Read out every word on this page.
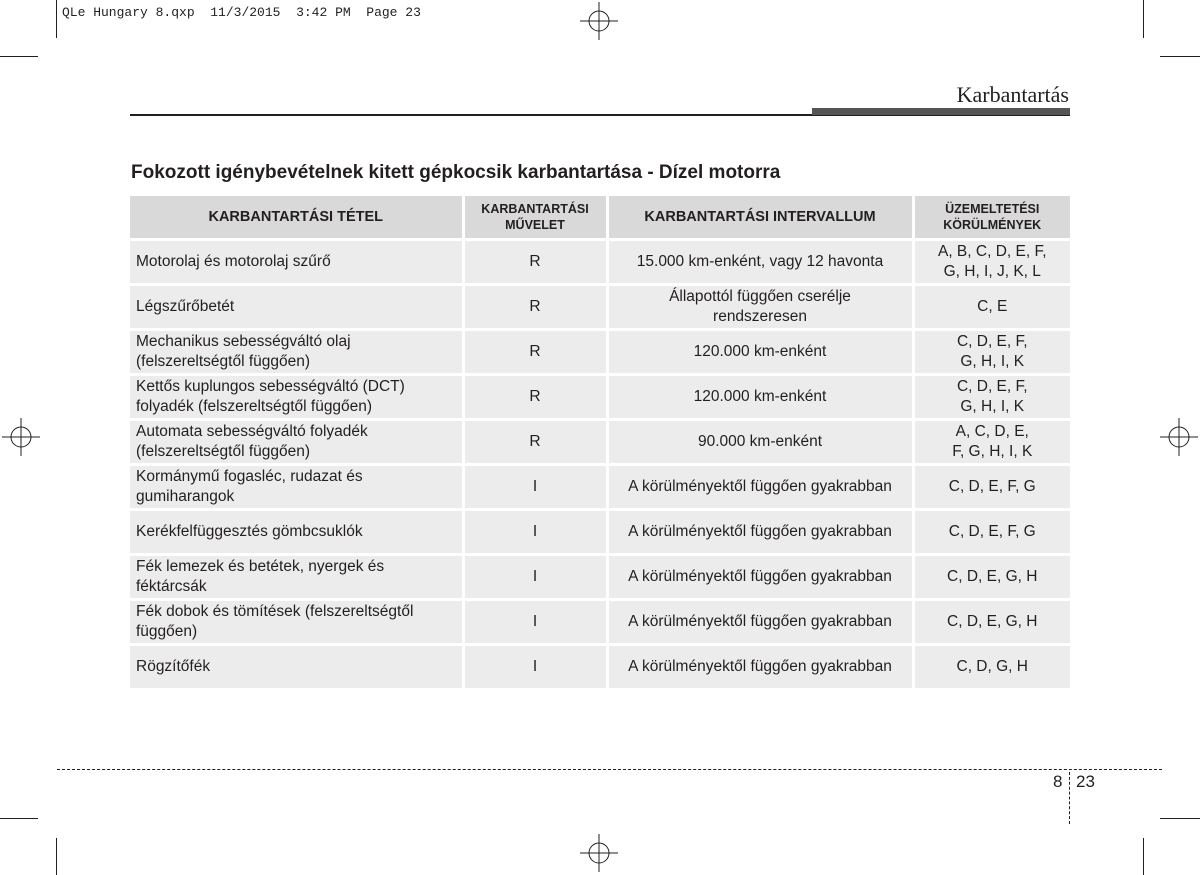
QLe Hungary 8.qxp 11/3/2015 3:42 PM Page 23
Karbantartás
Fokozott igénybevételnek kitett gépkocsik karbantartása - Dízel motorra
KARBANTARTÁSI TÉTEL	KARBANTARTÁSI
MŰVELET	KARBANTARTÁSI INTERVALLUM	ÜZEMELTETÉSI
KÖRÜLMÉNYEK

Motorolaj és motorolaj szűrő	R	15.000 km-enként, vagy 12 havonta	A, B, C, D, E, F,
G, H, I, J, K, L

Légszűrőbetét	R	Állapottól függően cserélje
rendszeresen	C, E

Mechanikus sebességváltó olaj
(felszereltségtől függően)	R	120.000 km-enként	C, D, E, F,
G, H, I, K

Kettős kuplungos sebességváltó (DCT)
folyadék (felszereltségtől függően)	R	120.000 km-enként	C, D, E, F,
G, H, I, K

Automata sebességváltó folyadék
(felszereltségtől függően)	R	90.000 km-enként	A, C, D, E,
F, G, H, I, K

Kormánymű fogasléc, rudazat és
gumiharangok	I	A körülményektől függően gyakrabban	C, D, E, F, G

Kerékfelfüggesztés gömbcsuklók	I	A körülményektől függően gyakrabban	C, D, E, F, G

Fék lemezek és betétek, nyergek és
féktárcsák	I	A körülményektől függően gyakrabban	C, D, E, G, H

Fék dobok és tömítések (felszereltségtől
függően)	I	A körülményektől függően gyakrabban	C, D, E, G, H

Rögzítőfék	I	A körülményektől függően gyakrabban	C, D, G, H
8 23
